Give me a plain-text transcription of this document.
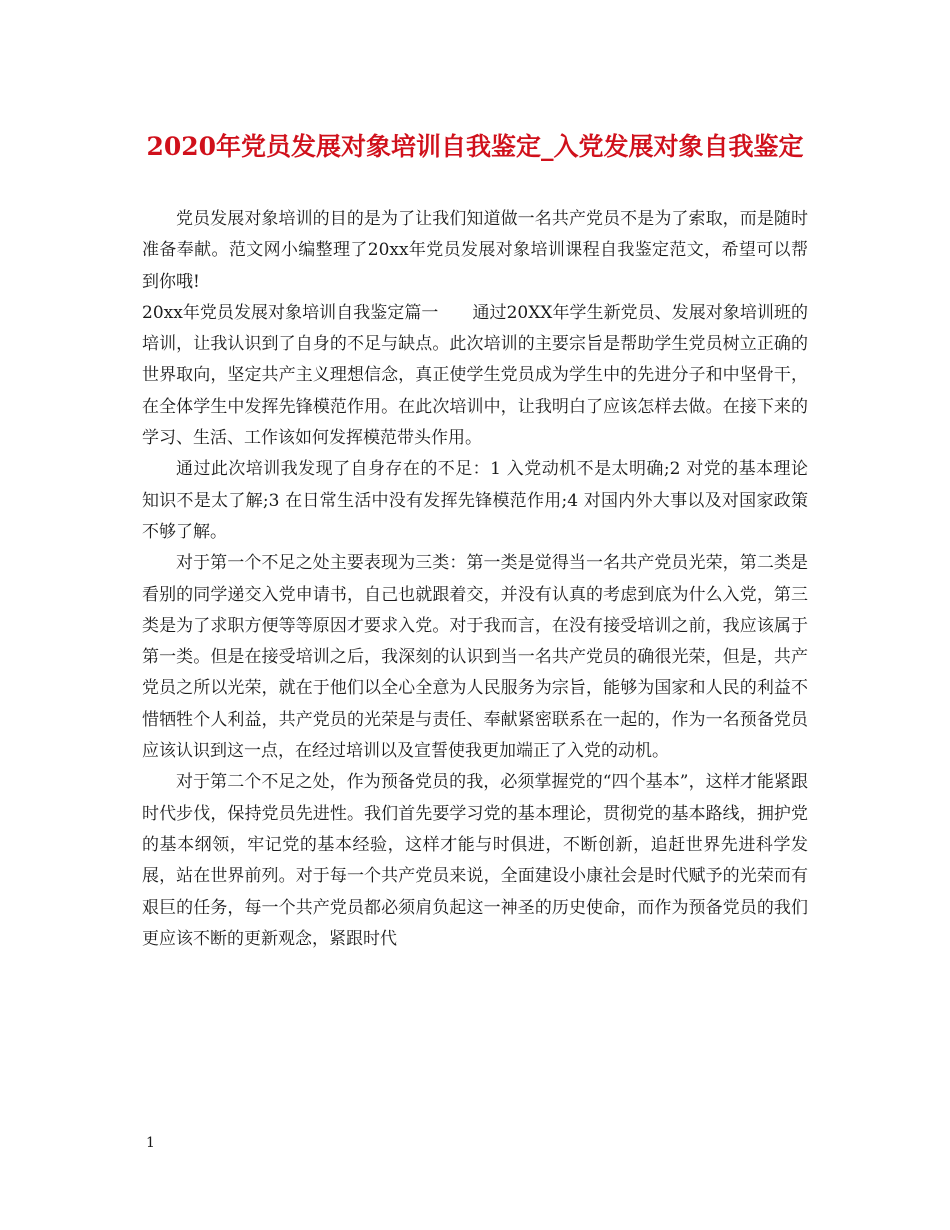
2020年党员发展对象培训自我鉴定_入党发展对象自我鉴定

党员发展对象培训的目的是为了让我们知道做一名共产党员不是为了索取，而是随时准备奉献。范文网小编整理了20xx年党员发展对象培训课程自我鉴定范文，希望可以帮到你哦!

20xx年党员发展对象培训自我鉴定篇一　　通过20XX年学生新党员、发展对象培训班的培训，让我认识到了自身的不足与缺点。此次培训的主要宗旨是帮助学生党员树立正确的世界取向，坚定共产主义理想信念，真正使学生党员成为学生中的先进分子和中坚骨干，在全体学生中发挥先锋模范作用。在此次培训中，让我明白了应该怎样去做。在接下来的学习、生活、工作该如何发挥模范带头作用。

通过此次培训我发现了自身存在的不足：1 入党动机不是太明确;2 对党的基本理论知识不是太了解;3 在日常生活中没有发挥先锋模范作用;4 对国内外大事以及对国家政策不够了解。

对于第一个不足之处主要表现为三类：第一类是觉得当一名共产党员光荣，第二类是看别的同学递交入党申请书，自己也就跟着交，并没有认真的考虑到底为什么入党，第三类是为了求职方便等等原因才要求入党。对于我而言，在没有接受培训之前，我应该属于第一类。但是在接受培训之后，我深刻的认识到当一名共产党员的确很光荣，但是，共产党员之所以光荣，就在于他们以全心全意为人民服务为宗旨，能够为国家和人民的利益不惜牺牲个人利益，共产党员的光荣是与责任、奉献紧密联系在一起的，作为一名预备党员应该认识到这一点，在经过培训以及宣誓使我更加端正了入党的动机。

对于第二个不足之处，作为预备党员的我，必须掌握党的“四个基本”，这样才能紧跟时代步伐，保持党员先进性。我们首先要学习党的基本理论，贯彻党的基本路线，拥护党的基本纲领，牢记党的基本经验，这样才能与时俱进，不断创新，追赶世界先进科学发展，站在世界前列。对于每一个共产党员来说，全面建设小康社会是时代赋予的光荣而有艰巨的任务，每一个共产党员都必须肩负起这一神圣的历史使命，而作为预备党员的我们更应该不断的更新观念，紧跟时代

1
